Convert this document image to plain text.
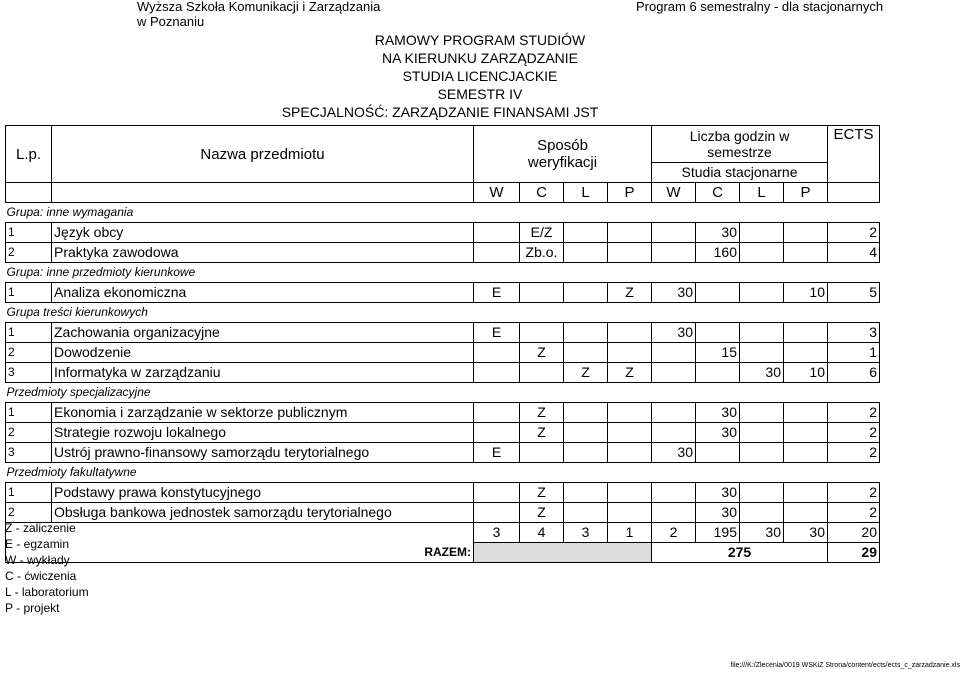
Wyższa Szkoła Komunikacji i Zarządzania
w Poznaniu
Program 6 semestralny - dla stacjonarnych
RAMOWY PROGRAM STUDIÓW
NA KIERUNKU ZARZĄDZANIE
STUDIA LICENCJACKIE
SEMESTR IV
SPECJALNOŚĆ: ZARZĄDZANIE FINANSAMI JST
L.p.	Nazwa przedmiotu	Sposób weryfikacji				Liczba godzin w semestrze				ECTS
						Studia stacjonarne				
		W	C	L	P	W	C	L	P	
Grupa: inne wymagania										
1	Język obcy		E/Z				30			2
2	Praktyka zawodowa		Zb.o.				160			4
Grupa: inne przedmioty kierunkowe										
1	Analiza ekonomiczna	E			Z	30			10	5
Grupa treści kierunkowych										
1	Zachowania organizacyjne	E				30				3
2	Dowodzenie		Z				15			1
3	Informatyka w zarządzaniu			Z	Z			30	10	6
Przedmioty specjalizacyjne										
1	Ekonomia i zarządzanie w sektorze publicznym		Z				30			2
2	Strategie rozwoju lokalnego		Z				30			2
3	Ustrój prawno-finansowy samorządu terytorialnego	E				30				2
Przedmioty fakultatywne										
1	Podstawy prawa konstytucyjnego		Z				30			2
2	Obsługa bankowa jednostek samorządu terytorialnego		Z				30			2
		3	4	3	1	2	195	30	30	20
RAZEM:						275				29
Z - zaliczenie
E - egzamin
W - wykłady
C - ćwiczenia
L - laboratorium
P - projekt
file:///K:/Zlecenia/0019 WSKiZ Strona/content/ects/ects_c_zarzadzanie.xls
